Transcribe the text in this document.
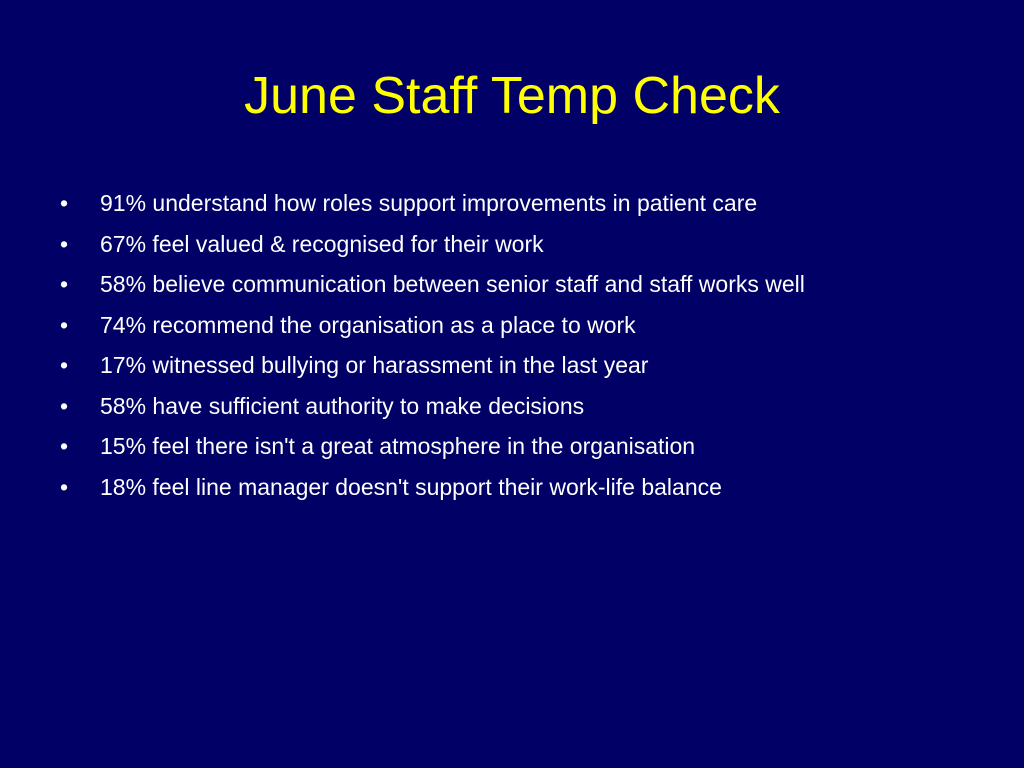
June Staff Temp Check
•	91% understand how roles support improvements in patient care
•	67% feel valued & recognised for their work
•	58% believe communication between senior staff and staff works well
•	74% recommend the organisation as a place to work
•	17% witnessed bullying or harassment in the last year
•	58% have sufficient authority to make decisions
•	15% feel there isn't a great atmosphere in the organisation
•	18% feel line manager doesn't support their work-life balance
